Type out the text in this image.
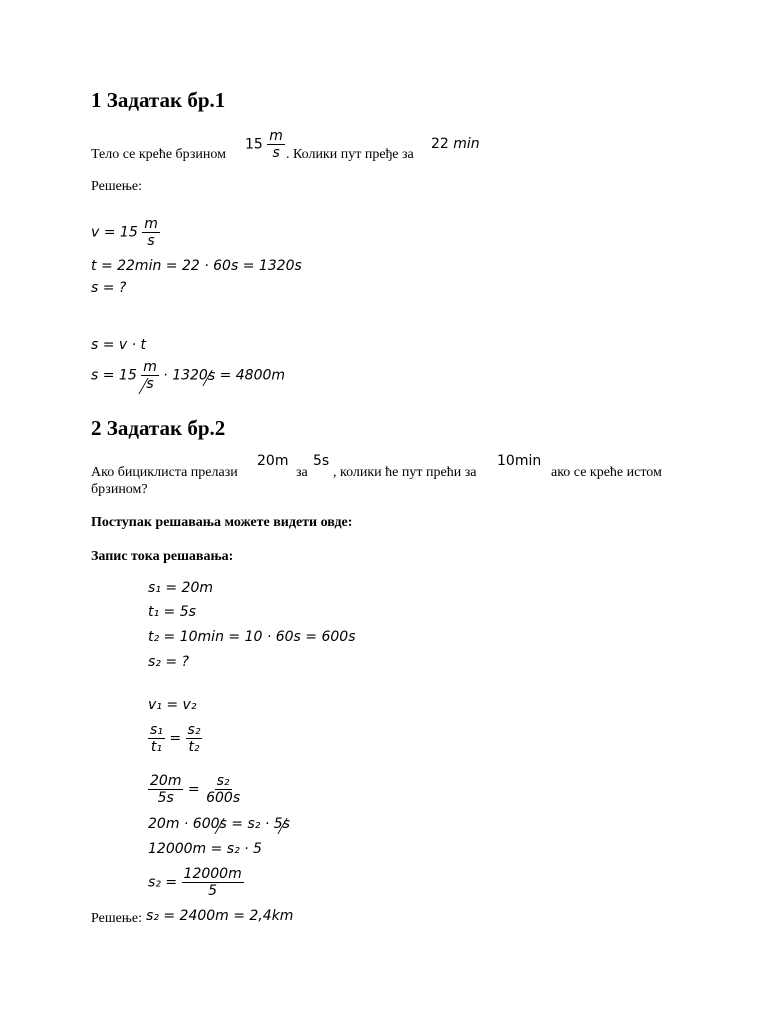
1 Задатак бр.1
Тело се креће брзином
$15 \frac{m}{s}$ . Колики пут пређе за
22 min
Решење:
$v = 15 \frac{m}{s}$
t = 22min = 22 · 60s = 1320s
s = ?
s = v · t
$s = 15 \frac{m}{s} \cdot 1320s = 4800m$
2 Задатак бр.2
Ако бициклиста прелази
20m
за
5s
, колики ће пут прећи за
10min
ако се креће истом
брзином?
Поступак решавања можете видети овде:
Запис тока решавања:
s₁ = 20m
t₁ = 5s
t₂ = 10min = 10 · 60s = 600s
s₂ = ?
v₁ = v₂
$\frac{\text{s₁}}{\text{t₁}} = \frac{\text{s₂}}{\text{t₂}}$
$\frac{20m}{5s} = \frac{\text{s₂}}{600s}$
20m · 600s = s₂ · 5s
12000m = s₂ · 5
$s_2 = \frac{12000m}{5}$
Решење: s₂ = 2400m = 2,4km
